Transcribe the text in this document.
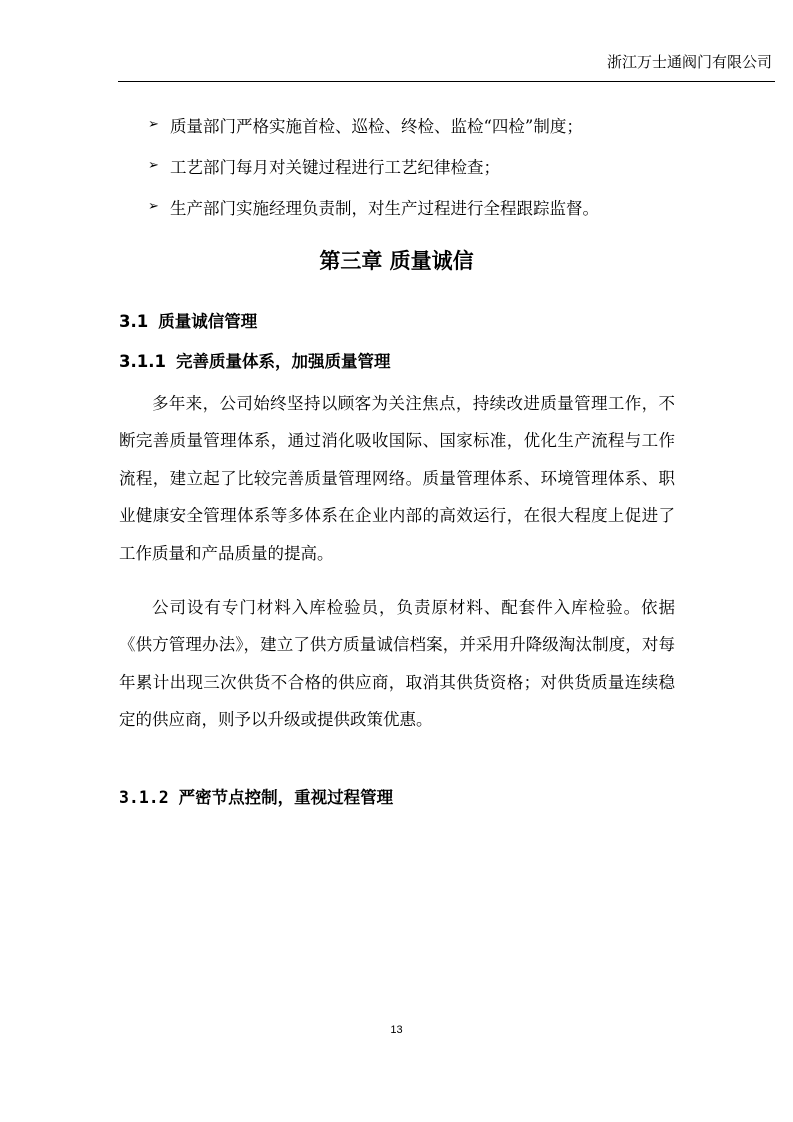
浙江万士通阀门有限公司
➢ 质量部门严格实施首检、巡检、终检、监检“四检”制度；
➢ 工艺部门每月对关键过程进行工艺纪律检查；
➢ 生产部门实施经理负责制，对生产过程进行全程跟踪监督。
第三章 质量诚信
3.1 质量诚信管理
3.1.1 完善质量体系，加强质量管理

多年来，公司始终坚持以顾客为关注焦点，持续改进质量管理工作，不断完善质量管理体系，通过消化吸收国际、国家标准，优化生产流程与工作流程，建立起了比较完善质量管理网络。质量管理体系、环境管理体系、职业健康安全管理体系等多体系在企业内部的高效运行，在很大程度上促进了工作质量和产品质量的提高。

公司设有专门材料入库检验员，负责原材料、配套件入库检验。依据《供方管理办法》，建立了供方质量诚信档案，并采用升降级淘汰制度，对每年累计出现三次供货不合格的供应商，取消其供货资格；对供货质量连续稳定的供应商，则予以升级或提供政策优惠。

3.1.2 严密节点控制，重视过程管理
13
